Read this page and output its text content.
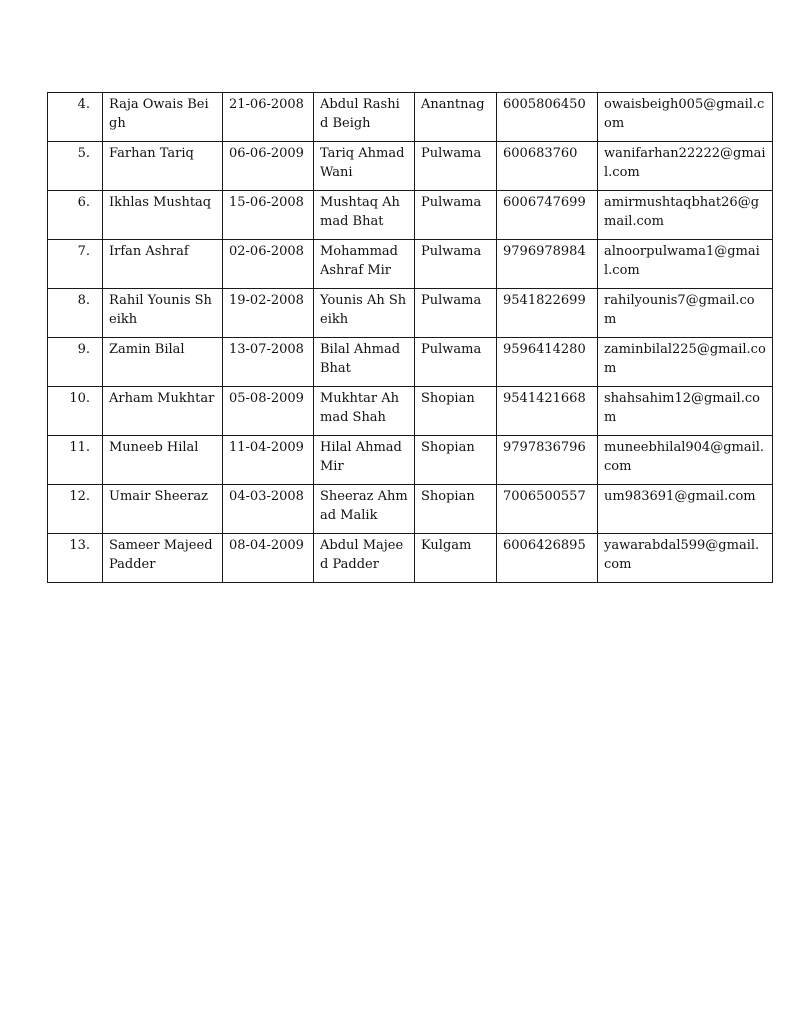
4.	Raja Owais Beigh	21-06-2008	Abdul Rashid Beigh	Anantnag	6005806450	owaisbeigh005@gmail.com
5.	Farhan Tariq	06-06-2009	Tariq Ahmad Wani	Pulwama	600683760	wanifarhan22222@gmail.com
6.	Ikhlas Mushtaq	15-06-2008	Mushtaq Ahmad Bhat	Pulwama	6006747699	amirmushtaqbhat26@gmail.com
7.	Irfan Ashraf	02-06-2008	Mohammad Ashraf Mir	Pulwama	9796978984	alnoorpulwama1@gmail.com
8.	Rahil Younis Sheikh	19-02-2008	Younis Ah Sheikh	Pulwama	9541822699	rahilyounis7@gmail.com
9.	Zamin Bilal	13-07-2008	Bilal Ahmad Bhat	Pulwama	9596414280	zaminbilal225@gmail.com
10.	Arham Mukhtar	05-08-2009	Mukhtar Ahmad Shah	Shopian	9541421668	shahsahim12@gmail.com
11.	Muneeb Hilal	11-04-2009	Hilal Ahmad Mir	Shopian	9797836796	muneebhilal904@gmail.com
12.	Umair Sheeraz	04-03-2008	Sheeraz Ahmad Malik	Shopian	7006500557	um983691@gmail.com
13.	Sameer Majeed Padder	08-04-2009	Abdul Majeed Padder	Kulgam	6006426895	yawarabdal599@gmail.com
